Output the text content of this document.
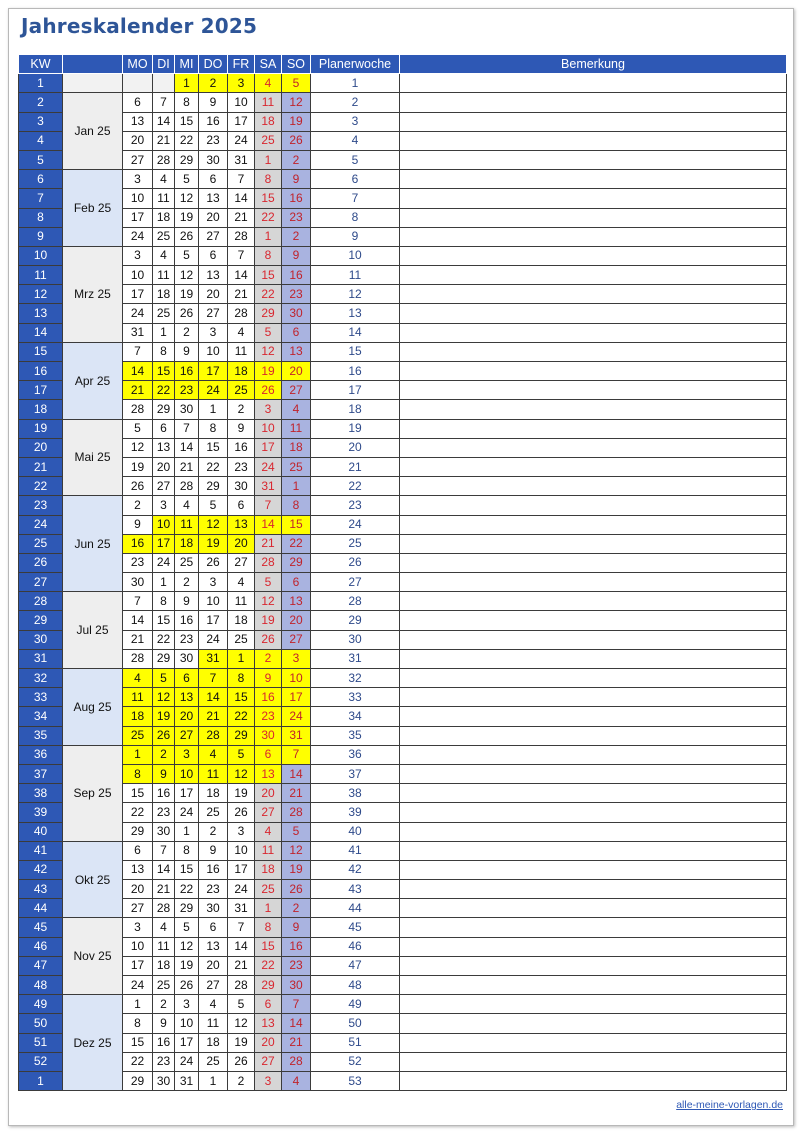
Jahreskalender 2025
KW		MO	DI	MI	DO	FR	SA	SO	Planerwoche	Bemerkung
1				1	2	3	4	5	1	
2	Jan 25	6	7	8	9	10	11	12	2	
3		13	14	15	16	17	18	19	3	
4		20	21	22	23	24	25	26	4	
5		27	28	29	30	31	1	2	5	
6	Feb 25	3	4	5	6	7	8	9	6	
7		10	11	12	13	14	15	16	7	
8		17	18	19	20	21	22	23	8	
9		24	25	26	27	28	1	2	9	
10	Mrz 25	3	4	5	6	7	8	9	10	
11		10	11	12	13	14	15	16	11	
12		17	18	19	20	21	22	23	12	
13		24	25	26	27	28	29	30	13	
14		31	1	2	3	4	5	6	14	
15	Apr 25	7	8	9	10	11	12	13	15	
16		14	15	16	17	18	19	20	16	
17		21	22	23	24	25	26	27	17	
18		28	29	30	1	2	3	4	18	
19	Mai 25	5	6	7	8	9	10	11	19	
20		12	13	14	15	16	17	18	20	
21		19	20	21	22	23	24	25	21	
22		26	27	28	29	30	31	1	22	
23	Jun 25	2	3	4	5	6	7	8	23	
24		9	10	11	12	13	14	15	24	
25		16	17	18	19	20	21	22	25	
26		23	24	25	26	27	28	29	26	
27		30	1	2	3	4	5	6	27	
28	Jul 25	7	8	9	10	11	12	13	28	
29		14	15	16	17	18	19	20	29	
30		21	22	23	24	25	26	27	30	
31		28	29	30	31	1	2	3	31	
32	Aug 25	4	5	6	7	8	9	10	32	
33		11	12	13	14	15	16	17	33	
34		18	19	20	21	22	23	24	34	
35		25	26	27	28	29	30	31	35	
36	Sep 25	1	2	3	4	5	6	7	36	
37		8	9	10	11	12	13	14	37	
38		15	16	17	18	19	20	21	38	
39		22	23	24	25	26	27	28	39	
40		29	30	1	2	3	4	5	40	
41	Okt 25	6	7	8	9	10	11	12	41	
42		13	14	15	16	17	18	19	42	
43		20	21	22	23	24	25	26	43	
44		27	28	29	30	31	1	2	44	
45	Nov 25	3	4	5	6	7	8	9	45	
46		10	11	12	13	14	15	16	46	
47		17	18	19	20	21	22	23	47	
48		24	25	26	27	28	29	30	48	
49	Dez 25	1	2	3	4	5	6	7	49	
50		8	9	10	11	12	13	14	50	
51		15	16	17	18	19	20	21	51	
52		22	23	24	25	26	27	28	52	
1		29	30	31	1	2	3	4	53	
alle-meine-vorlagen.de
